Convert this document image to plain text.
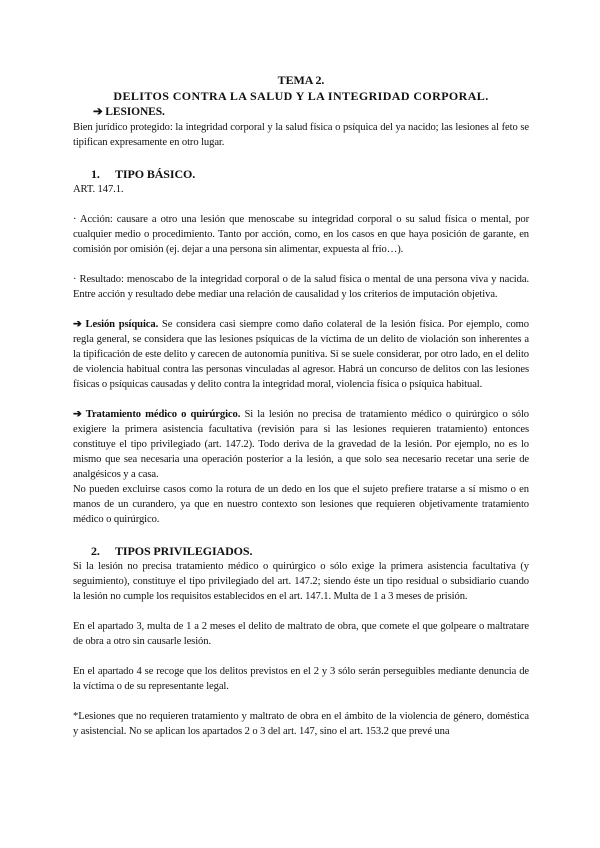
TEMA 2.
DELITOS CONTRA LA SALUD Y LA INTEGRIDAD CORPORAL.
➔ LESIONES.

Bien jurídico protegido: la integridad corporal y la salud física o psíquica del ya nacido; las lesiones al feto se tipifican expresamente en otro lugar.

1. TIPO BÁSICO.

ART. 147.1.

· Acción: causare a otro una lesión que menoscabe su integridad corporal o su salud física o mental, por cualquier medio o procedimiento. Tanto por acción, como, en los casos en que haya posición de garante, en comisión por omisión (ej. dejar a una persona sin alimentar, expuesta al frío…).

· Resultado: menoscabo de la integridad corporal o de la salud física o mental de una persona viva y nacida. Entre acción y resultado debe mediar una relación de causalidad y los criterios de imputación objetiva.

➔ Lesión psíquica. Se considera casi siempre como daño colateral de la lesión física. Por ejemplo, como regla general, se considera que las lesiones psíquicas de la víctima de un delito de violación son inherentes a la tipificación de este delito y carecen de autonomía punitiva. Si se suele considerar, por otro lado, en el delito de violencia habitual contra las personas vinculadas al agresor. Habrá un concurso de delitos con las lesiones físicas o psíquicas causadas y delito contra la integridad moral, violencia física o psíquica habitual.

➔ Tratamiento médico o quirúrgico. Si la lesión no precisa de tratamiento médico o quirúrgico o sólo exigiere la primera asistencia facultativa (revisión para si las lesiones requieren tratamiento) entonces constituye el tipo privilegiado (art. 147.2). Todo deriva de la gravedad de la lesión. Por ejemplo, no es lo mismo que sea necesaria una operación posterior a la lesión, a que solo sea necesario recetar una serie de analgésicos y a casa.

No pueden excluirse casos como la rotura de un dedo en los que el sujeto prefiere tratarse a sí mismo o en manos de un curandero, ya que en nuestro contexto son lesiones que requieren objetivamente tratamiento médico o quirúrgico.

2. TIPOS PRIVILEGIADOS.

Si la lesión no precisa tratamiento médico o quirúrgico o sólo exige la primera asistencia facultativa (y seguimiento), constituye el tipo privilegiado del art. 147.2; siendo éste un tipo residual o subsidiario cuando la lesión no cumple los requisitos establecidos en el art. 147.1. Multa de 1 a 3 meses de prisión.

En el apartado 3, multa de 1 a 2 meses el delito de maltrato de obra, que comete el que golpeare o maltratare de obra a otro sin causarle lesión.

En el apartado 4 se recoge que los delitos previstos en el 2 y 3 sólo serán perseguibles mediante denuncia de la víctima o de su representante legal.

*Lesiones que no requieren tratamiento y maltrato de obra en el ámbito de la violencia de género, doméstica y asistencial. No se aplican los apartados 2 o 3 del art. 147, sino el art. 153.2 que prevé una
